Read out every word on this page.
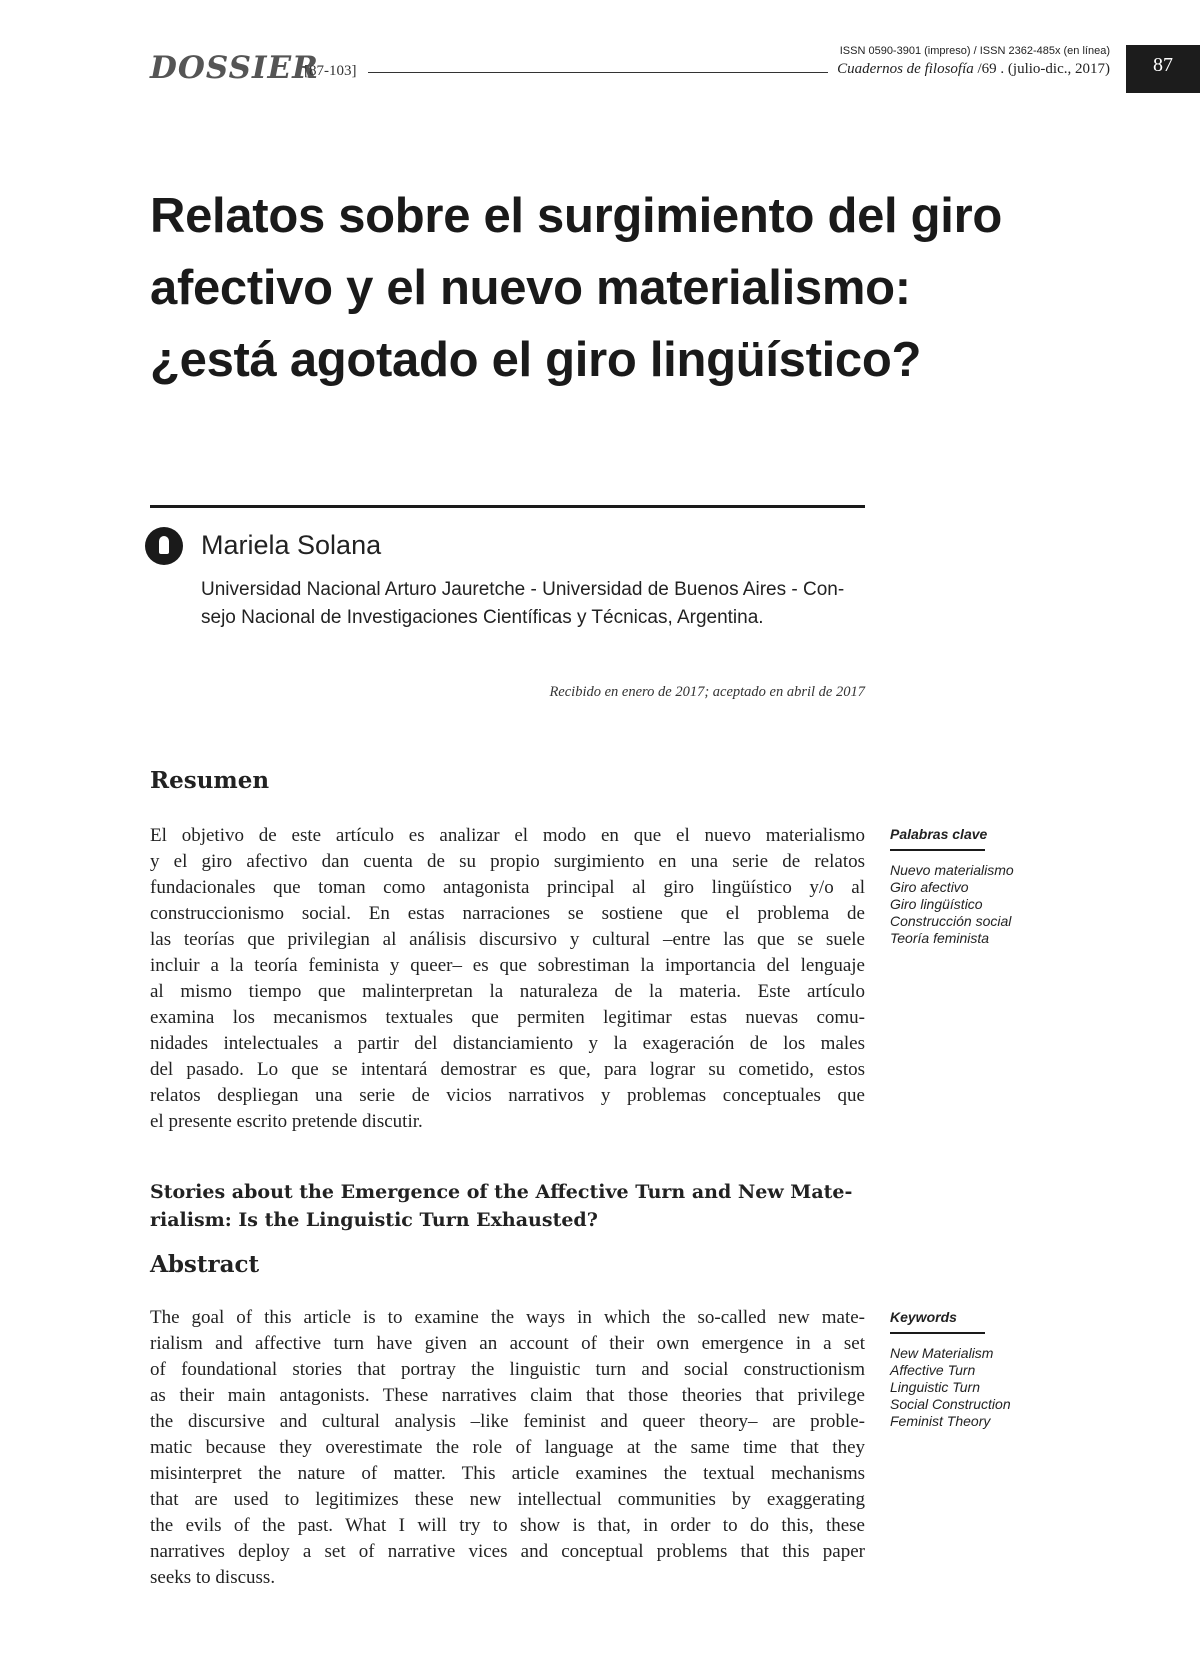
DOSSIER
[87-103]
ISSN 0590-3901 (impreso) / ISSN 2362-485x (en línea)
Cuadernos de filosofía /69 . (julio-dic., 2017)	87
Relatos sobre el surgimiento del giro
afectivo y el nuevo materialismo:
¿está agotado el giro lingüístico?
Mariela Solana
Universidad Nacional Arturo Jauretche - Universidad de Buenos Aires - Con-
sejo Nacional de Investigaciones Científicas y Técnicas, Argentina.
Recibido en enero de 2017; aceptado en abril de 2017
Resumen
El objetivo de este artículo es analizar el modo en que el nuevo materialismo
y el giro afectivo dan cuenta de su propio surgimiento en una serie de relatos
fundacionales que toman como antagonista principal al giro lingüístico y/o al
construccionismo social. En estas narraciones se sostiene que el problema de
las teorías que privilegian al análisis discursivo y cultural –entre las que se suele
incluir a la teoría feminista y queer– es que sobrestiman la importancia del lenguaje
al mismo tiempo que malinterpretan la naturaleza de la materia. Este artículo
examina los mecanismos textuales que permiten legitimar estas nuevas comu-
nidades intelectuales a partir del distanciamiento y la exageración de los males
del pasado. Lo que se intentará demostrar es que, para lograr su cometido, estos
relatos despliegan una serie de vicios narrativos y problemas conceptuales que
el presente escrito pretende discutir.
Palabras clave
Nuevo materialismo
Giro afectivo
Giro lingüístico
Construcción social
Teoría feminista
Stories about the Emergence of the Affective Turn and New Mate-
rialism: Is the Linguistic Turn Exhausted?
Abstract
The goal of this article is to examine the ways in which the so-called new mate-
rialism and affective turn have given an account of their own emergence in a set
of foundational stories that portray the linguistic turn and social constructionism
as their main antagonists. These narratives claim that those theories that privilege
the discursive and cultural analysis –like feminist and queer theory– are proble-
matic because they overestimate the role of language at the same time that they
misinterpret the nature of matter. This article examines the textual mechanisms
that are used to legitimizes these new intellectual communities by exaggerating
the evils of the past. What I will try to show is that, in order to do this, these
narratives deploy a set of narrative vices and conceptual problems that this paper
seeks to discuss.
Keywords
New Materialism
Affective Turn
Linguistic Turn
Social Construction
Feminist Theory
